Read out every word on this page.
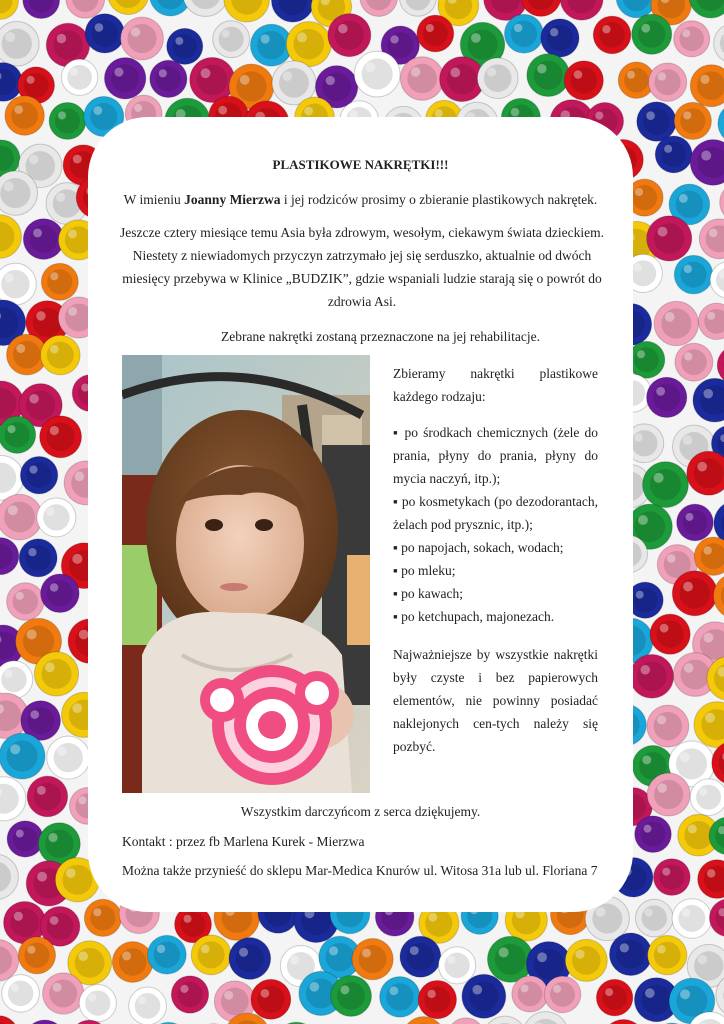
PLASTIKOWE NAKRĘTKI!!!
W imieniu Joanny Mierzwa i jej rodziców prosimy o zbieranie plastikowych nakrętek.
Jeszcze cztery miesiące temu Asia była zdrowym, wesołym, ciekawym świata dzieckiem. Niestety z niewiadomych przyczyn zatrzymało jej się serduszko, aktualnie od dwóch miesięcy przebywa w Klinice „BUDZIK”, gdzie wspaniali ludzie starają się o powrót do zdrowia Asi.
Zebrane nakrętki zostaną przeznaczone na jej rehabilitacje.
Zbieramy nakrętki plastikowe każdego rodzaju:
▪ po środkach chemicznych (żele do prania, płyny do prania, płyny do mycia naczyń, itp.);
▪ po kosmetykach (po dezodorantach, żelach pod prysznic, itp.);
▪ po napojach, sokach, wodach;
▪ po mleku;
▪ po kawach;
▪ po ketchupach, majonezach.
Najważniejsze by wszystkie nakrętki były czyste i bez papierowych elementów, nie powinny posiadać naklejonych cen-tych należy się pozbyć.
Wszystkim darczyńcom z serca dziękujemy.
Kontakt : przez fb Marlena Kurek - Mierzwa
Można także przynieść do sklepu Mar-Medica Knurów ul. Witosa 31a lub ul. Floriana 7
